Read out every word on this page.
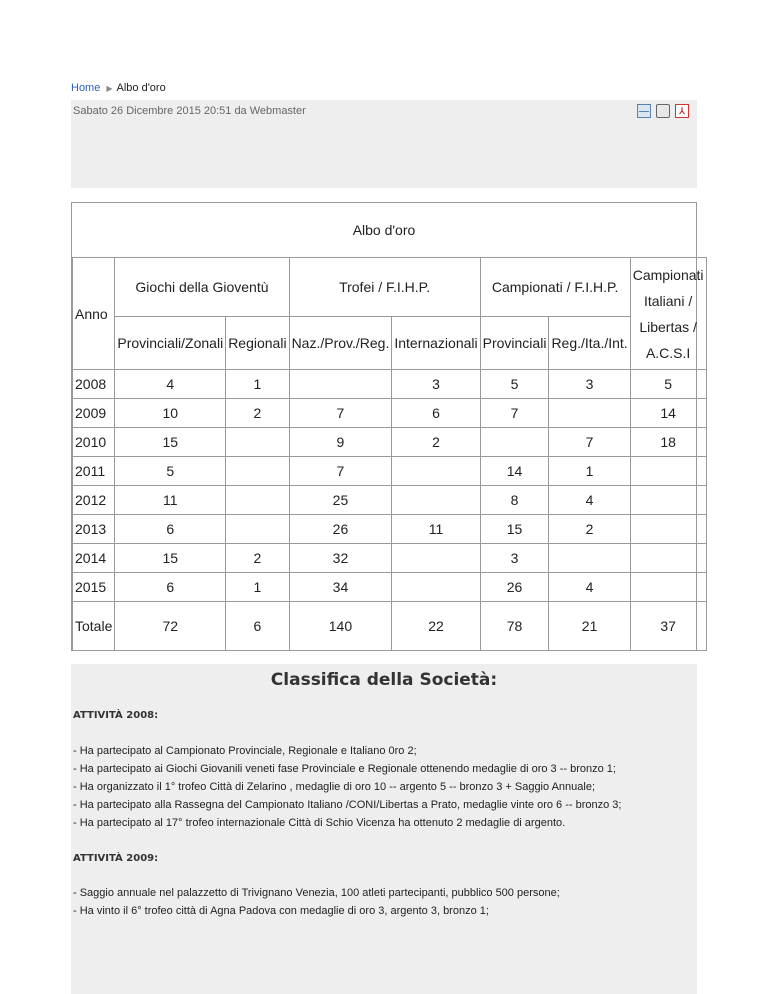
Home ▶ Albo d'oro
Sabato 26 Dicembre 2015 20:51 da Webmaster	⅄
Albo d'oro
Anno	Giochi della Gioventù		Trofei / F.I.H.P.		Campionati / F.I.H.P.		Campionati Italiani / Libertas / A.C.S.I
	Provinciali/Zonali	Regionali	Naz./Prov./Reg.	Internazionali	Provinciali	Reg./Ita./Int.	
2008	4	1		3	5	3	5
2009	10	2	7	6	7		14
2010	15		9	2		7	18
2011	5		7		14	1	
2012	11		25		8	4	
2013	6		26	11	15	2	
2014	15	2	32		3		
2015	6	1	34		26	4	
Totale	72	6	140	22	78	21	37
Classifica della Società:
ATTIVITÀ 2008:
- Ha partecipato al Campionato Provinciale, Regionale e Italiano 0ro 2;
- Ha partecipato ai Giochi Giovanili veneti fase Provinciale e Regionale ottenendo medaglie di oro 3 -- bronzo 1;
- Ha organizzato il 1° trofeo Città di Zelarino , medaglie di oro 10 -- argento 5 -- bronzo 3 + Saggio Annuale;
- Ha partecipato alla Rassegna del Campionato Italiano /CONI/Libertas a Prato, medaglie vinte oro 6 -- bronzo 3;
- Ha partecipato al 17° trofeo internazionale Città di Schio Vicenza ha ottenuto 2 medaglie di argento.
ATTIVITÀ 2009:
- Saggio annuale nel palazzetto di Trivignano Venezia, 100 atleti partecipanti, pubblico 500 persone;
- Ha vinto il 6° trofeo città di Agna Padova con medaglie di oro 3, argento 3, bronzo 1;
